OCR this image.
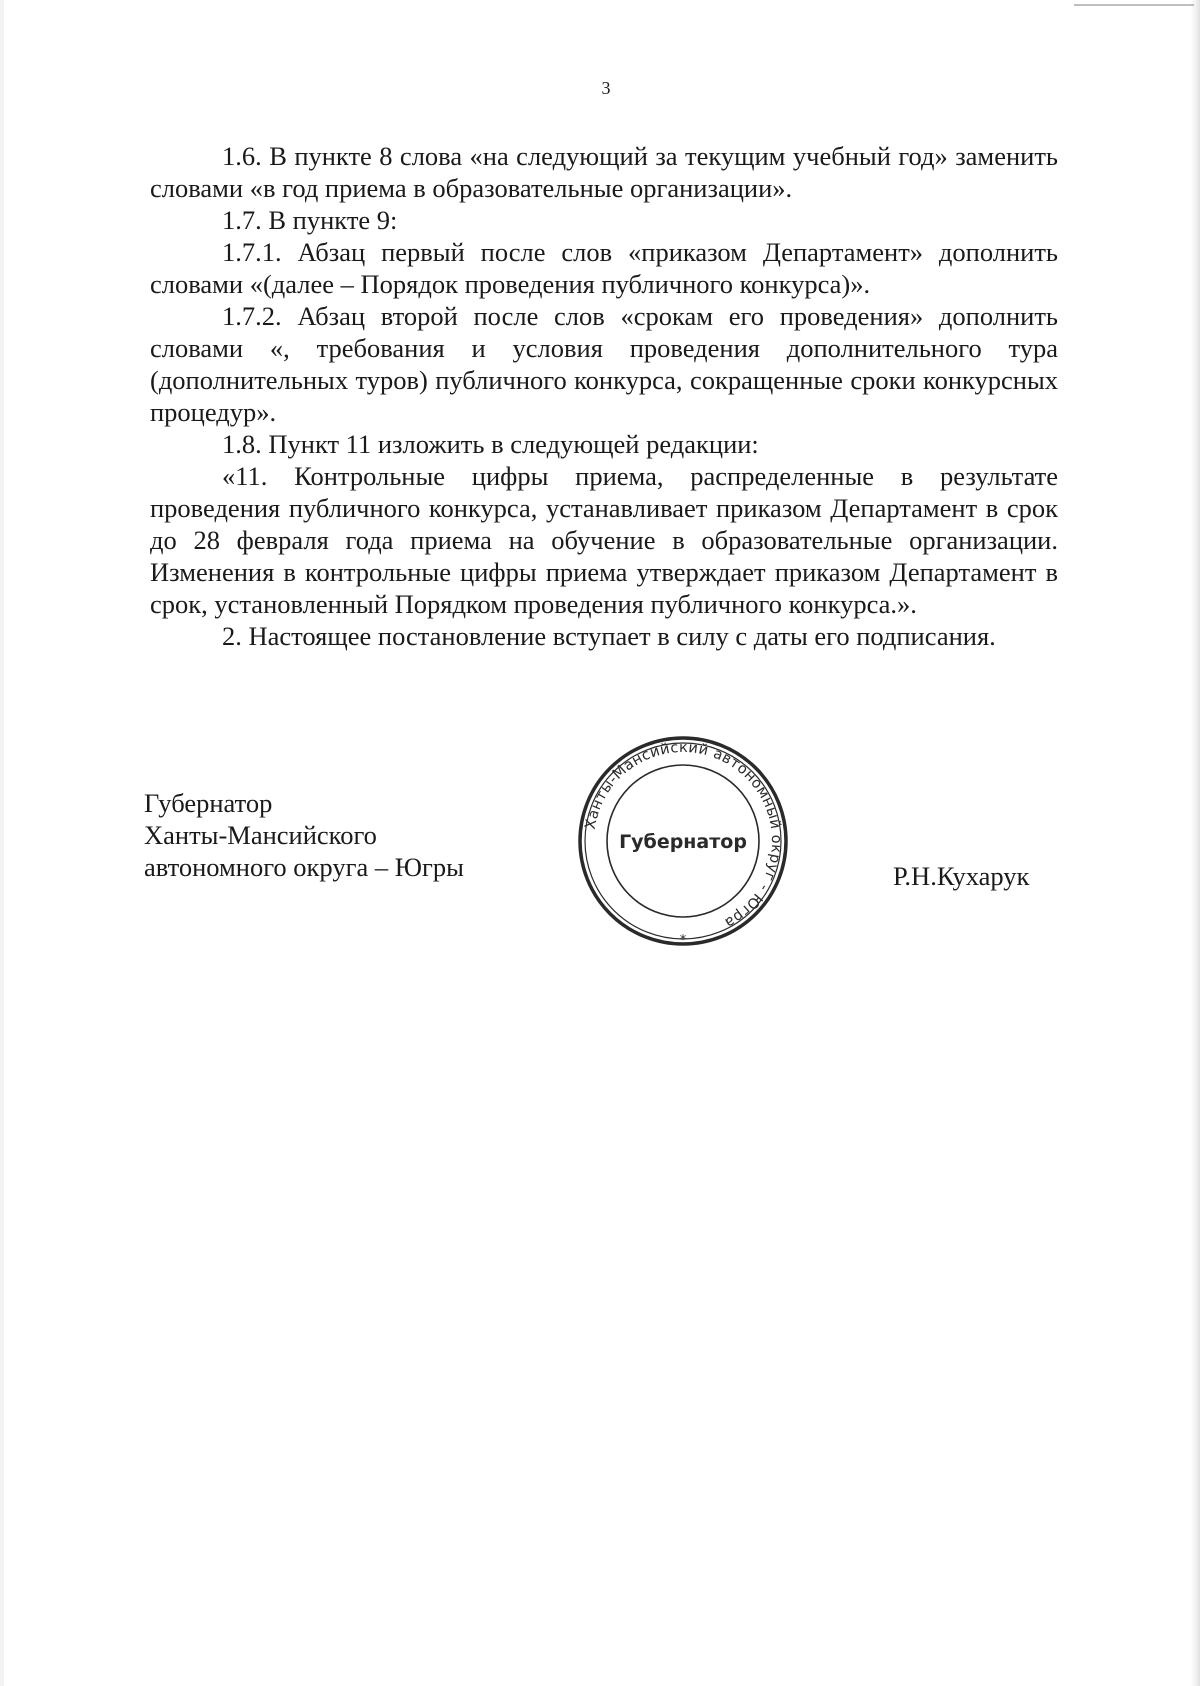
3

1.6. В пункте 8 слова «на следующий за текущим учебный год» заменить словами «в год приема в образовательные организации».

1.7. В пункте 9:

1.7.1. Абзац первый после слов «приказом Департамент» дополнить словами «(далее – Порядок проведения публичного конкурса)».

1.7.2. Абзац второй после слов «срокам его проведения» дополнить словами «, требования и условия проведения дополнительного тура (дополнительных туров) публичного конкурса, сокращенные сроки конкурсных процедур».

1.8. Пункт 11 изложить в следующей редакции:

«11. Контрольные цифры приема, распределенные в результате проведения публичного конкурса, устанавливает приказом Департамент в срок до 28 февраля года приема на обучение в образовательные организации. Изменения в контрольные цифры приема утверждает приказом Департамент в срок, установленный Порядком проведения публичного конкурса.».

2. Настоящее постановление вступает в силу с даты его подписания.

Губернатор
Ханты-Мансийского
автономного округа – Югры	Р.Н.Кухарук
Ханты-Мансийский автономный округ - Югра
Губернатор
*
